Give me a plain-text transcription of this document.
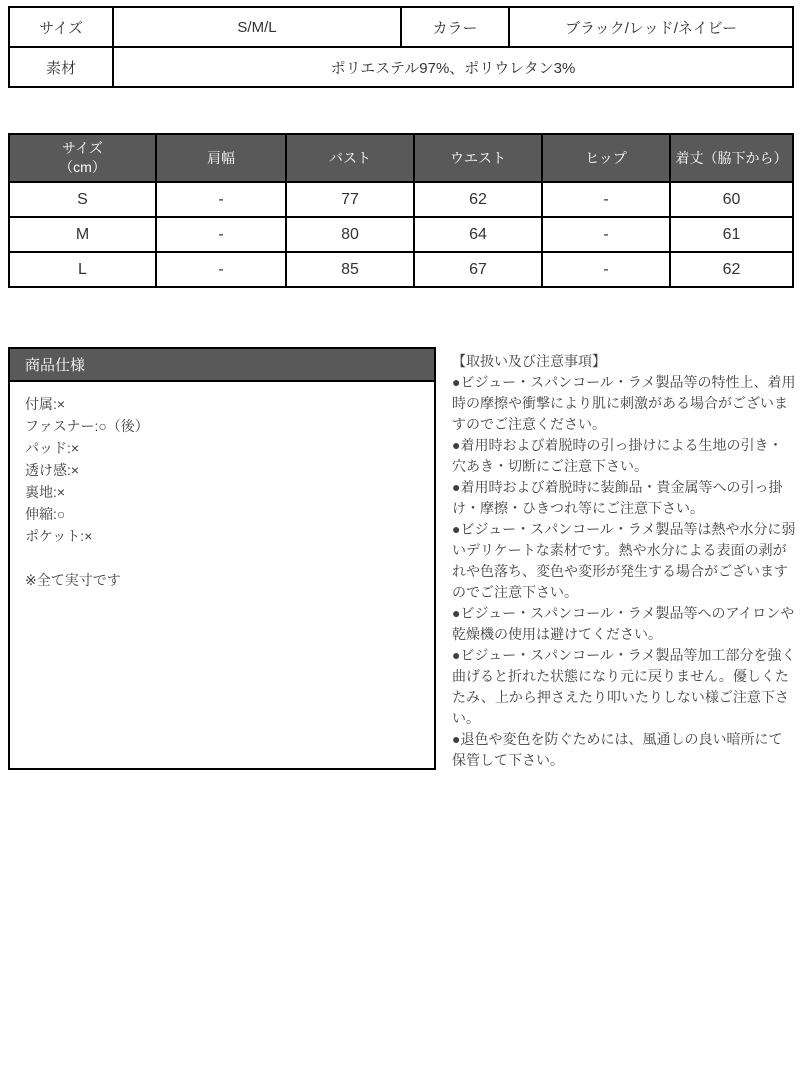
サイズ	S/M/L	カラー	ブラック/レッド/ネイビー
素材	ポリエステル97%、ポリウレタン3%		
サイズ
（cm）	肩幅	バスト	ウエスト	ヒップ	着丈（脇下から）
S	-	77	62	-	60
M	-	80	64	-	61
L	-	85	67	-	62
商品仕様
付属:×
ファスナー:○（後）
パッド:×
透け感:×
裏地:×
伸縮:○
ポケット:×
※全て実寸です
【取扱い及び注意事項】
●ビジュー・スパンコール・ラメ製品等の特性上、着用時の摩擦や衝撃により肌に刺激がある場合がございますのでご注意ください。
●着用時および着脱時の引っ掛けによる生地の引き・穴あき・切断にご注意下さい。
●着用時および着脱時に装飾品・貴金属等への引っ掛け・摩擦・ひきつれ等にご注意下さい。
●ビジュー・スパンコール・ラメ製品等は熱や水分に弱いデリケートな素材です。熱や水分による表面の剥がれや色落ち、変色や変形が発生する場合がございますのでご注意下さい。
●ビジュー・スパンコール・ラメ製品等へのアイロンや乾燥機の使用は避けてください。
●ビジュー・スパンコール・ラメ製品等加工部分を強く曲げると折れた状態になり元に戻りません。優しくたたみ、上から押さえたり叩いたりしない様ご注意下さい。
●退色や変色を防ぐためには、風通しの良い暗所にて保管して下さい。
